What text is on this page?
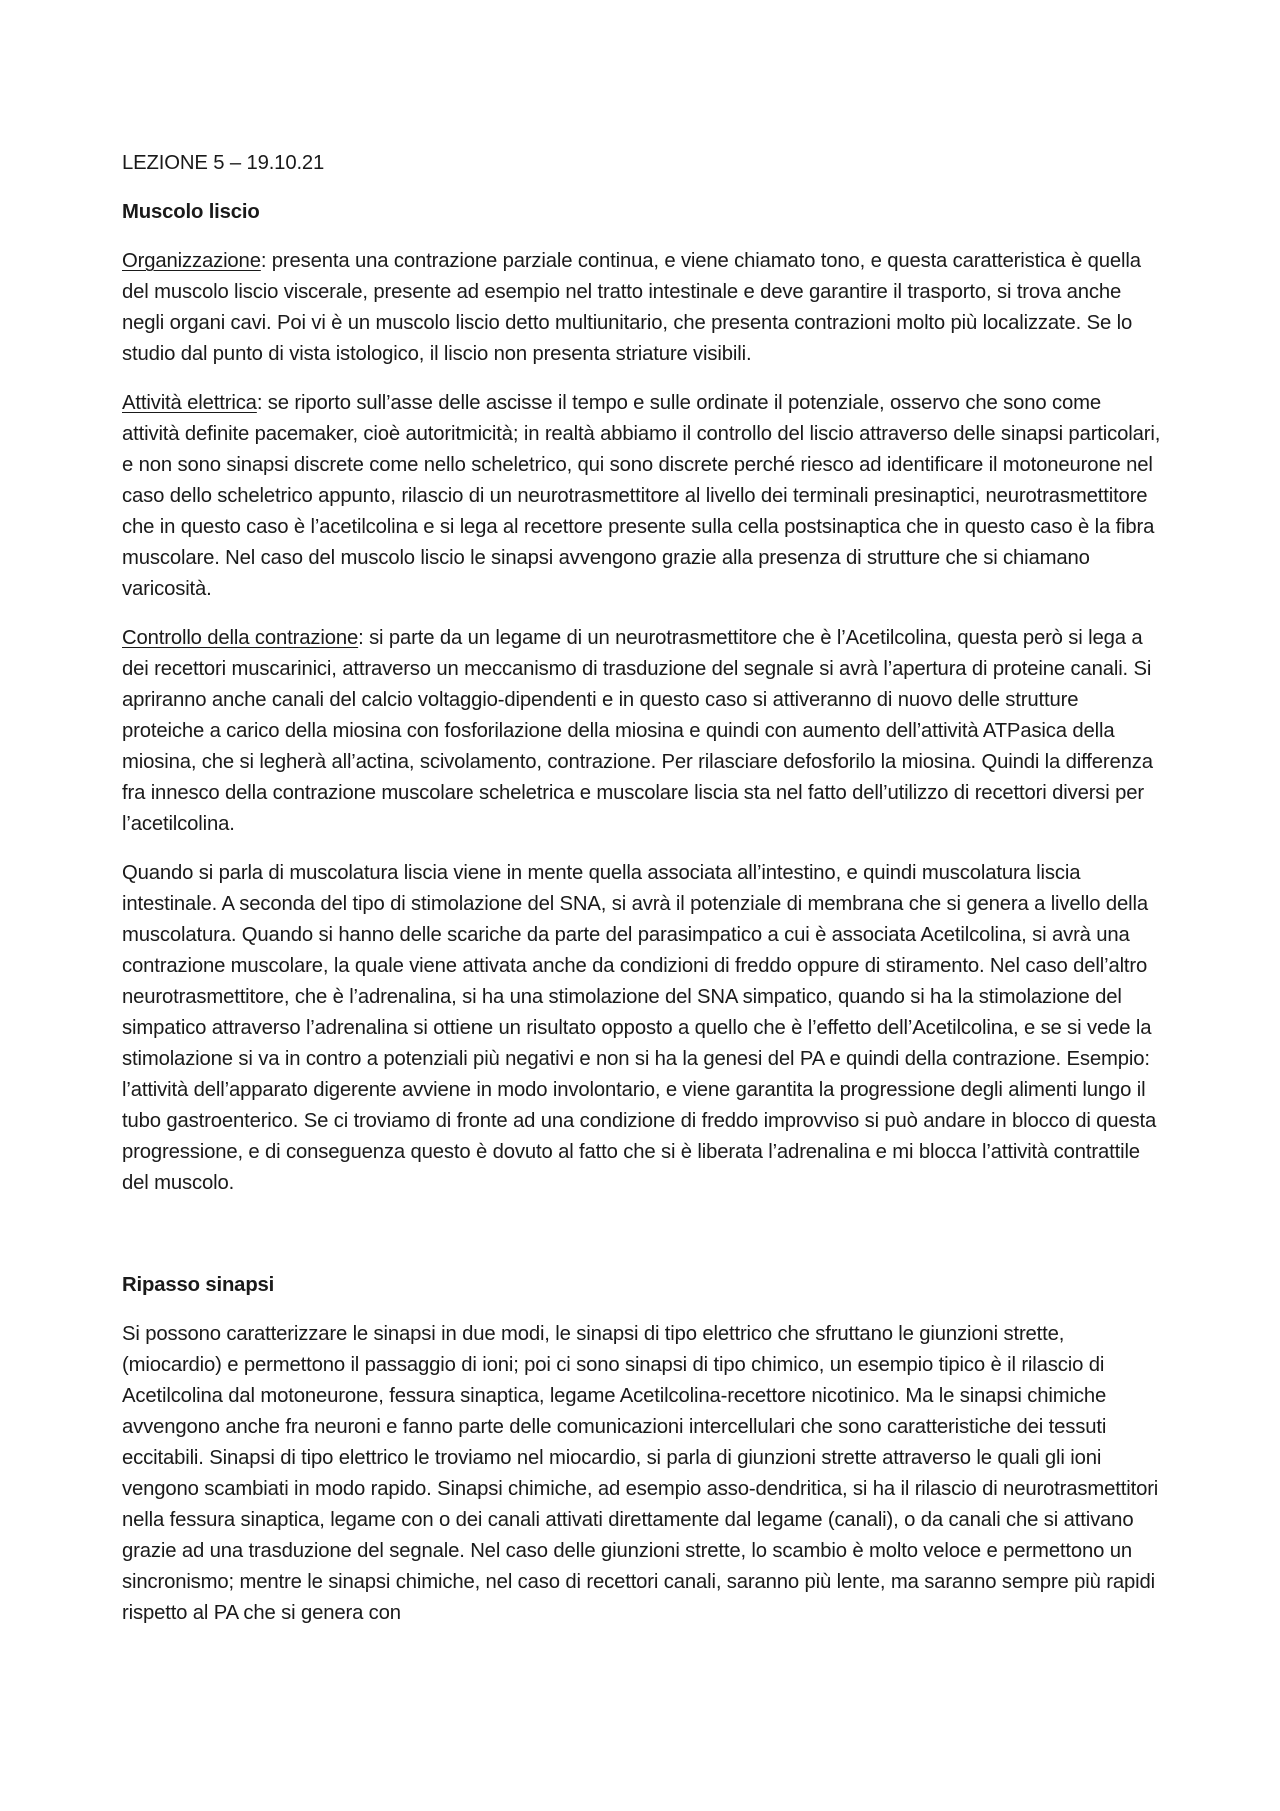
LEZIONE 5 – 19.10.21
Muscolo liscio

Organizzazione: presenta una contrazione parziale continua, e viene chiamato tono, e questa caratteristica è quella del muscolo liscio viscerale, presente ad esempio nel tratto intestinale e deve garantire il trasporto, si trova anche negli organi cavi. Poi vi è un muscolo liscio detto multiunitario, che presenta contrazioni molto più localizzate. Se lo studio dal punto di vista istologico, il liscio non presenta striature visibili.

Attività elettrica: se riporto sull’asse delle ascisse il tempo e sulle ordinate il potenziale, osservo che sono come attività definite pacemaker, cioè autoritmicità; in realtà abbiamo il controllo del liscio attraverso delle sinapsi particolari, e non sono sinapsi discrete come nello scheletrico, qui sono discrete perché riesco ad identificare il motoneurone nel caso dello scheletrico appunto, rilascio di un neurotrasmettitore al livello dei terminali presinaptici, neurotrasmettitore che in questo caso è l’acetilcolina e si lega al recettore presente sulla cella postsinaptica che in questo caso è la fibra muscolare. Nel caso del muscolo liscio le sinapsi avvengono grazie alla presenza di strutture che si chiamano varicosità.

Controllo della contrazione: si parte da un legame di un neurotrasmettitore che è l’Acetilcolina, questa però si lega a dei recettori muscarinici, attraverso un meccanismo di trasduzione del segnale si avrà l’apertura di proteine canali. Si apriranno anche canali del calcio voltaggio-dipendenti e in questo caso si attiveranno di nuovo delle strutture proteiche a carico della miosina con fosforilazione della miosina e quindi con aumento dell’attività ATPasica della miosina, che si legherà all’actina, scivolamento, contrazione. Per rilasciare defosforilo la miosina. Quindi la differenza fra innesco della contrazione muscolare scheletrica e muscolare liscia sta nel fatto dell’utilizzo di recettori diversi per l’acetilcolina.

Quando si parla di muscolatura liscia viene in mente quella associata all’intestino, e quindi muscolatura liscia intestinale. A seconda del tipo di stimolazione del SNA, si avrà il potenziale di membrana che si genera a livello della muscolatura. Quando si hanno delle scariche da parte del parasimpatico a cui è associata Acetilcolina, si avrà una contrazione muscolare, la quale viene attivata anche da condizioni di freddo oppure di stiramento. Nel caso dell’altro neurotrasmettitore, che è l’adrenalina, si ha una stimolazione del SNA simpatico, quando si ha la stimolazione del simpatico attraverso l’adrenalina si ottiene un risultato opposto a quello che è l’effetto dell’Acetilcolina, e se si vede la stimolazione si va in contro a potenziali più negativi e non si ha la genesi del PA e quindi della contrazione. Esempio: l’attività dell’apparato digerente avviene in modo involontario, e viene garantita la progressione degli alimenti lungo il tubo gastroenterico. Se ci troviamo di fronte ad una condizione di freddo improvviso si può andare in blocco di questa progressione, e di conseguenza questo è dovuto al fatto che si è liberata l’adrenalina e mi blocca l’attività contrattile del muscolo.

Ripasso sinapsi

Si possono caratterizzare le sinapsi in due modi, le sinapsi di tipo elettrico che sfruttano le giunzioni strette, (miocardio) e permettono il passaggio di ioni; poi ci sono sinapsi di tipo chimico, un esempio tipico è il rilascio di Acetilcolina dal motoneurone, fessura sinaptica, legame Acetilcolina-recettore nicotinico. Ma le sinapsi chimiche avvengono anche fra neuroni e fanno parte delle comunicazioni intercellulari che sono caratteristiche dei tessuti eccitabili. Sinapsi di tipo elettrico le troviamo nel miocardio, si parla di giunzioni strette attraverso le quali gli ioni vengono scambiati in modo rapido. Sinapsi chimiche, ad esempio asso-dendritica, si ha il rilascio di neurotrasmettitori nella fessura sinaptica, legame con o dei canali attivati direttamente dal legame (canali), o da canali che si attivano grazie ad una trasduzione del segnale. Nel caso delle giunzioni strette, lo scambio è molto veloce e permettono un sincronismo; mentre le sinapsi chimiche, nel caso di recettori canali, saranno più lente, ma saranno sempre più rapidi rispetto al PA che si genera con
